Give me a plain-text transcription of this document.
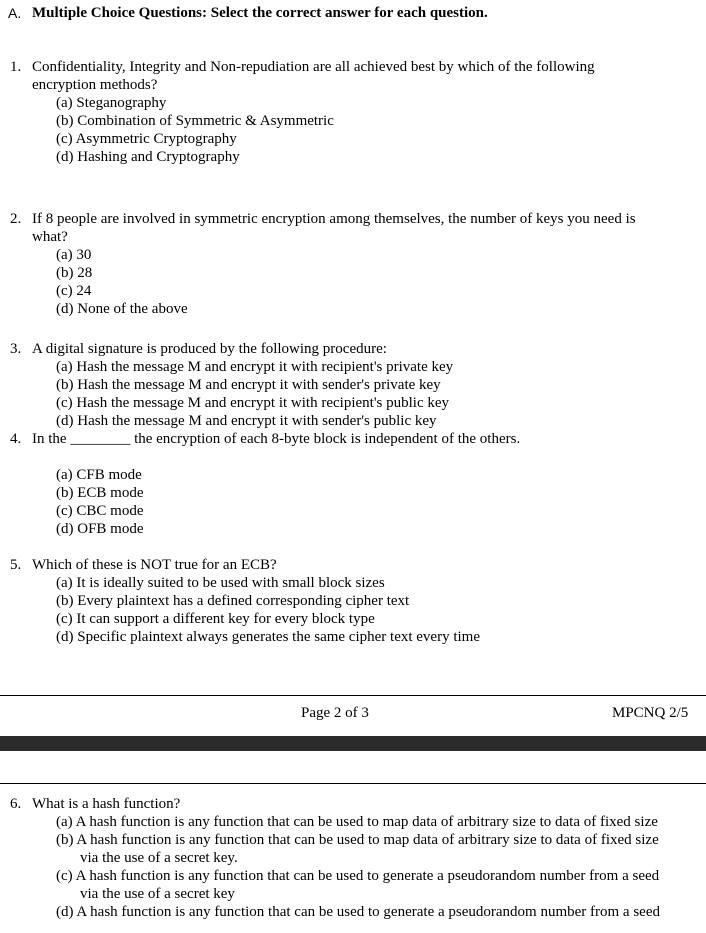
A. Multiple Choice Questions: Select the correct answer for each question.
1. Confidentiality, Integrity and Non-repudiation are all achieved best by which of the following
encryption methods?
(a) Steganography
(b) Combination of Symmetric & Asymmetric
(c) Asymmetric Cryptography
(d) Hashing and Cryptography
2. If 8 people are involved in symmetric encryption among themselves, the number of keys you need is
what?
(a) 30
(b) 28
(c) 24
(d) None of the above
3. A digital signature is produced by the following procedure:
(a) Hash the message M and encrypt it with recipient's private key
(b) Hash the message M and encrypt it with sender's private key
(c) Hash the message M and encrypt it with recipient's public key
(d) Hash the message M and encrypt it with sender's public key
4. In the ________ the encryption of each 8-byte block is independent of the others.
(a) CFB mode
(b) ECB mode
(c) CBC mode
(d) OFB mode
5. Which of these is NOT true for an ECB?
(a) It is ideally suited to be used with small block sizes
(b) Every plaintext has a defined corresponding cipher text
(c) It can support a different key for every block type
(d) Specific plaintext always generates the same cipher text every time
Page 2 of 3	MPCNQ 2/5
6. What is a hash function?
(a) A hash function is any function that can be used to map data of arbitrary size to data of fixed size
(b) A hash function is any function that can be used to map data of arbitrary size to data of fixed size
via the use of a secret key.
(c) A hash function is any function that can be used to generate a pseudorandom number from a seed
via the use of a secret key
(d) A hash function is any function that can be used to generate a pseudorandom number from a seed
